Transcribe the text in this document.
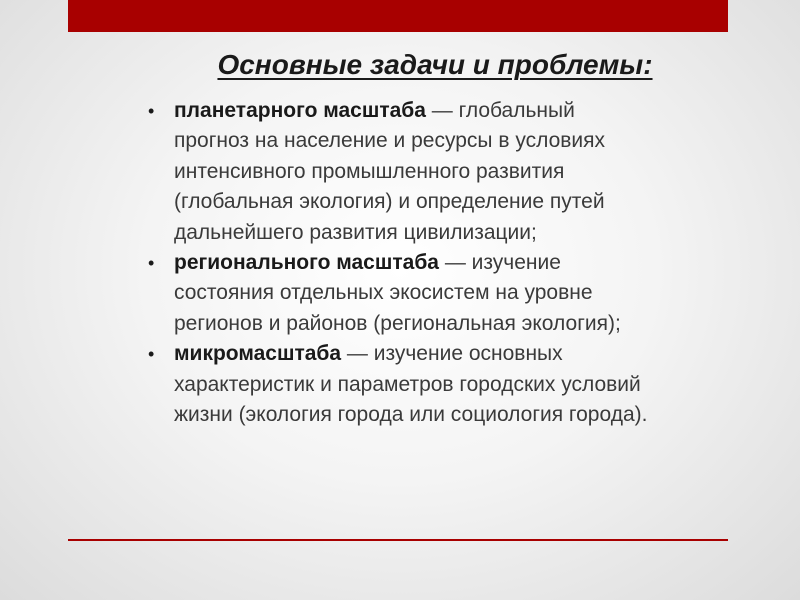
Основные задачи и проблемы:
• планетарного масштаба — глобальный прогноз на население и ресурсы в условиях интенсивного промышленного развития (глобальная экология) и определение путей дальнейшего развития цивилизации;
• регионального масштаба — изучение состояния отдельных экосистем на уровне регионов и районов (региональная экология);
• микромасштаба — изучение основных характеристик и параметров городских условий жизни (экология города или социология города).
